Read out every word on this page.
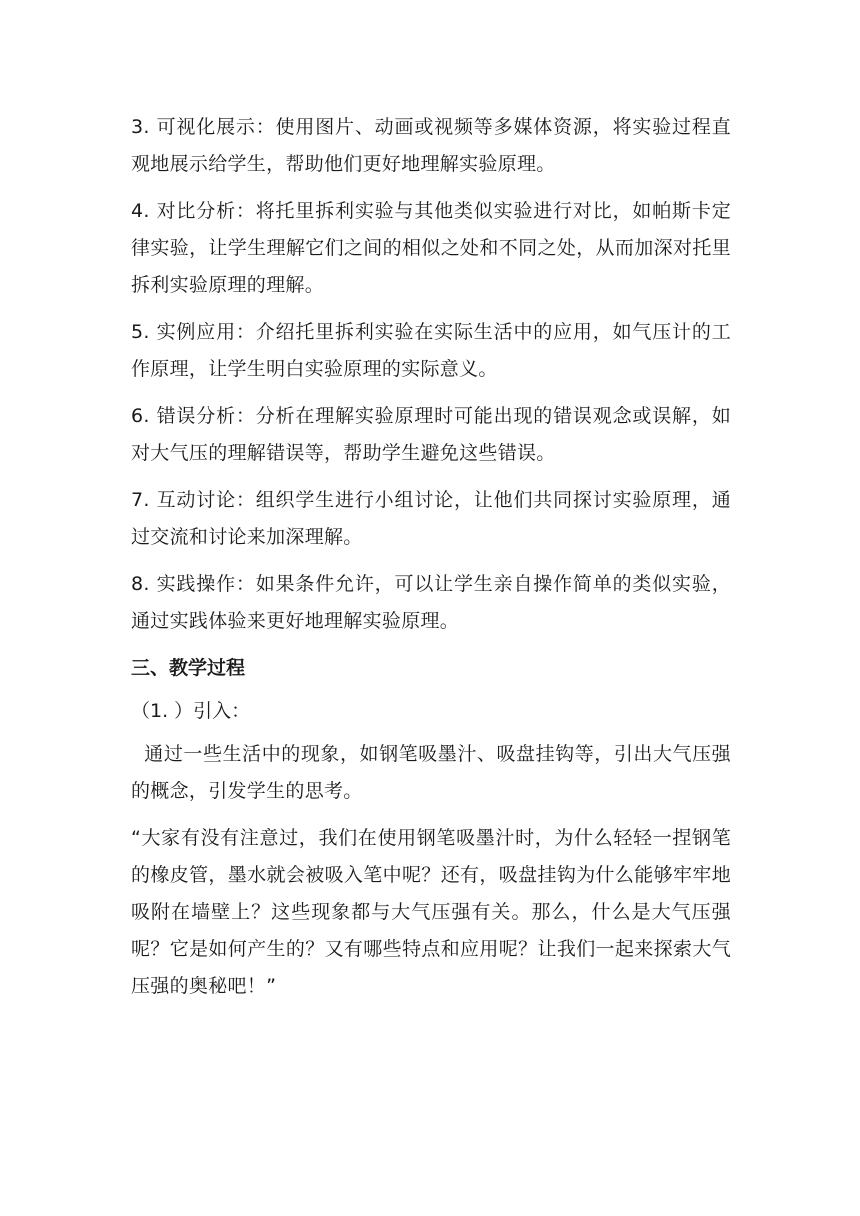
3. 可视化展示：使用图片、动画或视频等多媒体资源，将实验过程直观地展示给学生，帮助他们更好地理解实验原理。

4. 对比分析：将托里拆利实验与其他类似实验进行对比，如帕斯卡定律实验，让学生理解它们之间的相似之处和不同之处，从而加深对托里拆利实验原理的理解。

5. 实例应用：介绍托里拆利实验在实际生活中的应用，如气压计的工作原理，让学生明白实验原理的实际意义。

6. 错误分析：分析在理解实验原理时可能出现的错误观念或误解，如对大气压的理解错误等，帮助学生避免这些错误。

7. 互动讨论：组织学生进行小组讨论，让他们共同探讨实验原理，通过交流和讨论来加深理解。

8. 实践操作：如果条件允许，可以让学生亲自操作简单的类似实验，通过实践体验来更好地理解实验原理。

三、教学过程
（1. ）引入：

通过一些生活中的现象，如钢笔吸墨汁、吸盘挂钩等，引出大气压强的概念，引发学生的思考。

“大家有没有注意过，我们在使用钢笔吸墨汁时，为什么轻轻一捏钢笔的橡皮管，墨水就会被吸入笔中呢？还有，吸盘挂钩为什么能够牢牢地吸附在墙壁上？这些现象都与大气压强有关。那么，什么是大气压强呢？它是如何产生的？又有哪些特点和应用呢？让我们一起来探索大气压强的奥秘吧！”
